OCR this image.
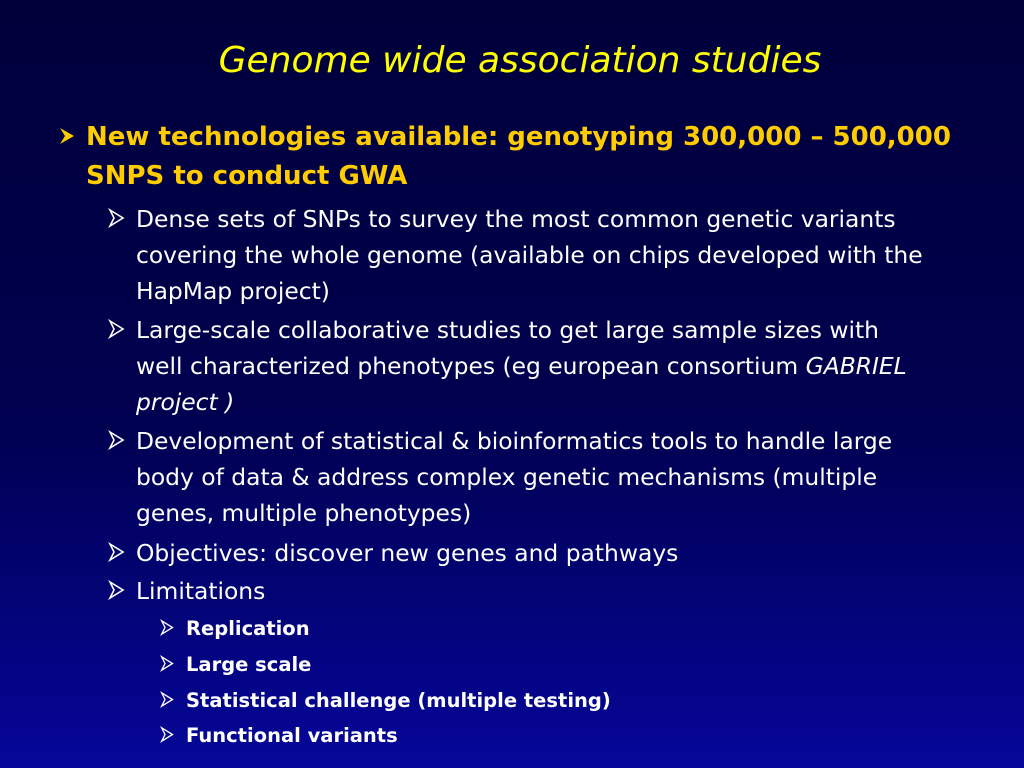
Genome wide association studies
New technologies available: genotyping 300,000 – 500,000 SNPS to conduct GWA
Dense sets of SNPs to survey the most common genetic variants covering the whole genome (available on chips developed with the HapMap project)
Large-scale collaborative studies to get large sample sizes with well characterized phenotypes (eg european consortium GABRIEL project )
Development of statistical & bioinformatics tools to handle large body of data & address complex genetic mechanisms (multiple genes, multiple phenotypes)
Objectives: discover new genes and pathways
Limitations
Replication
Large scale
Statistical challenge (multiple testing)
Functional variants
